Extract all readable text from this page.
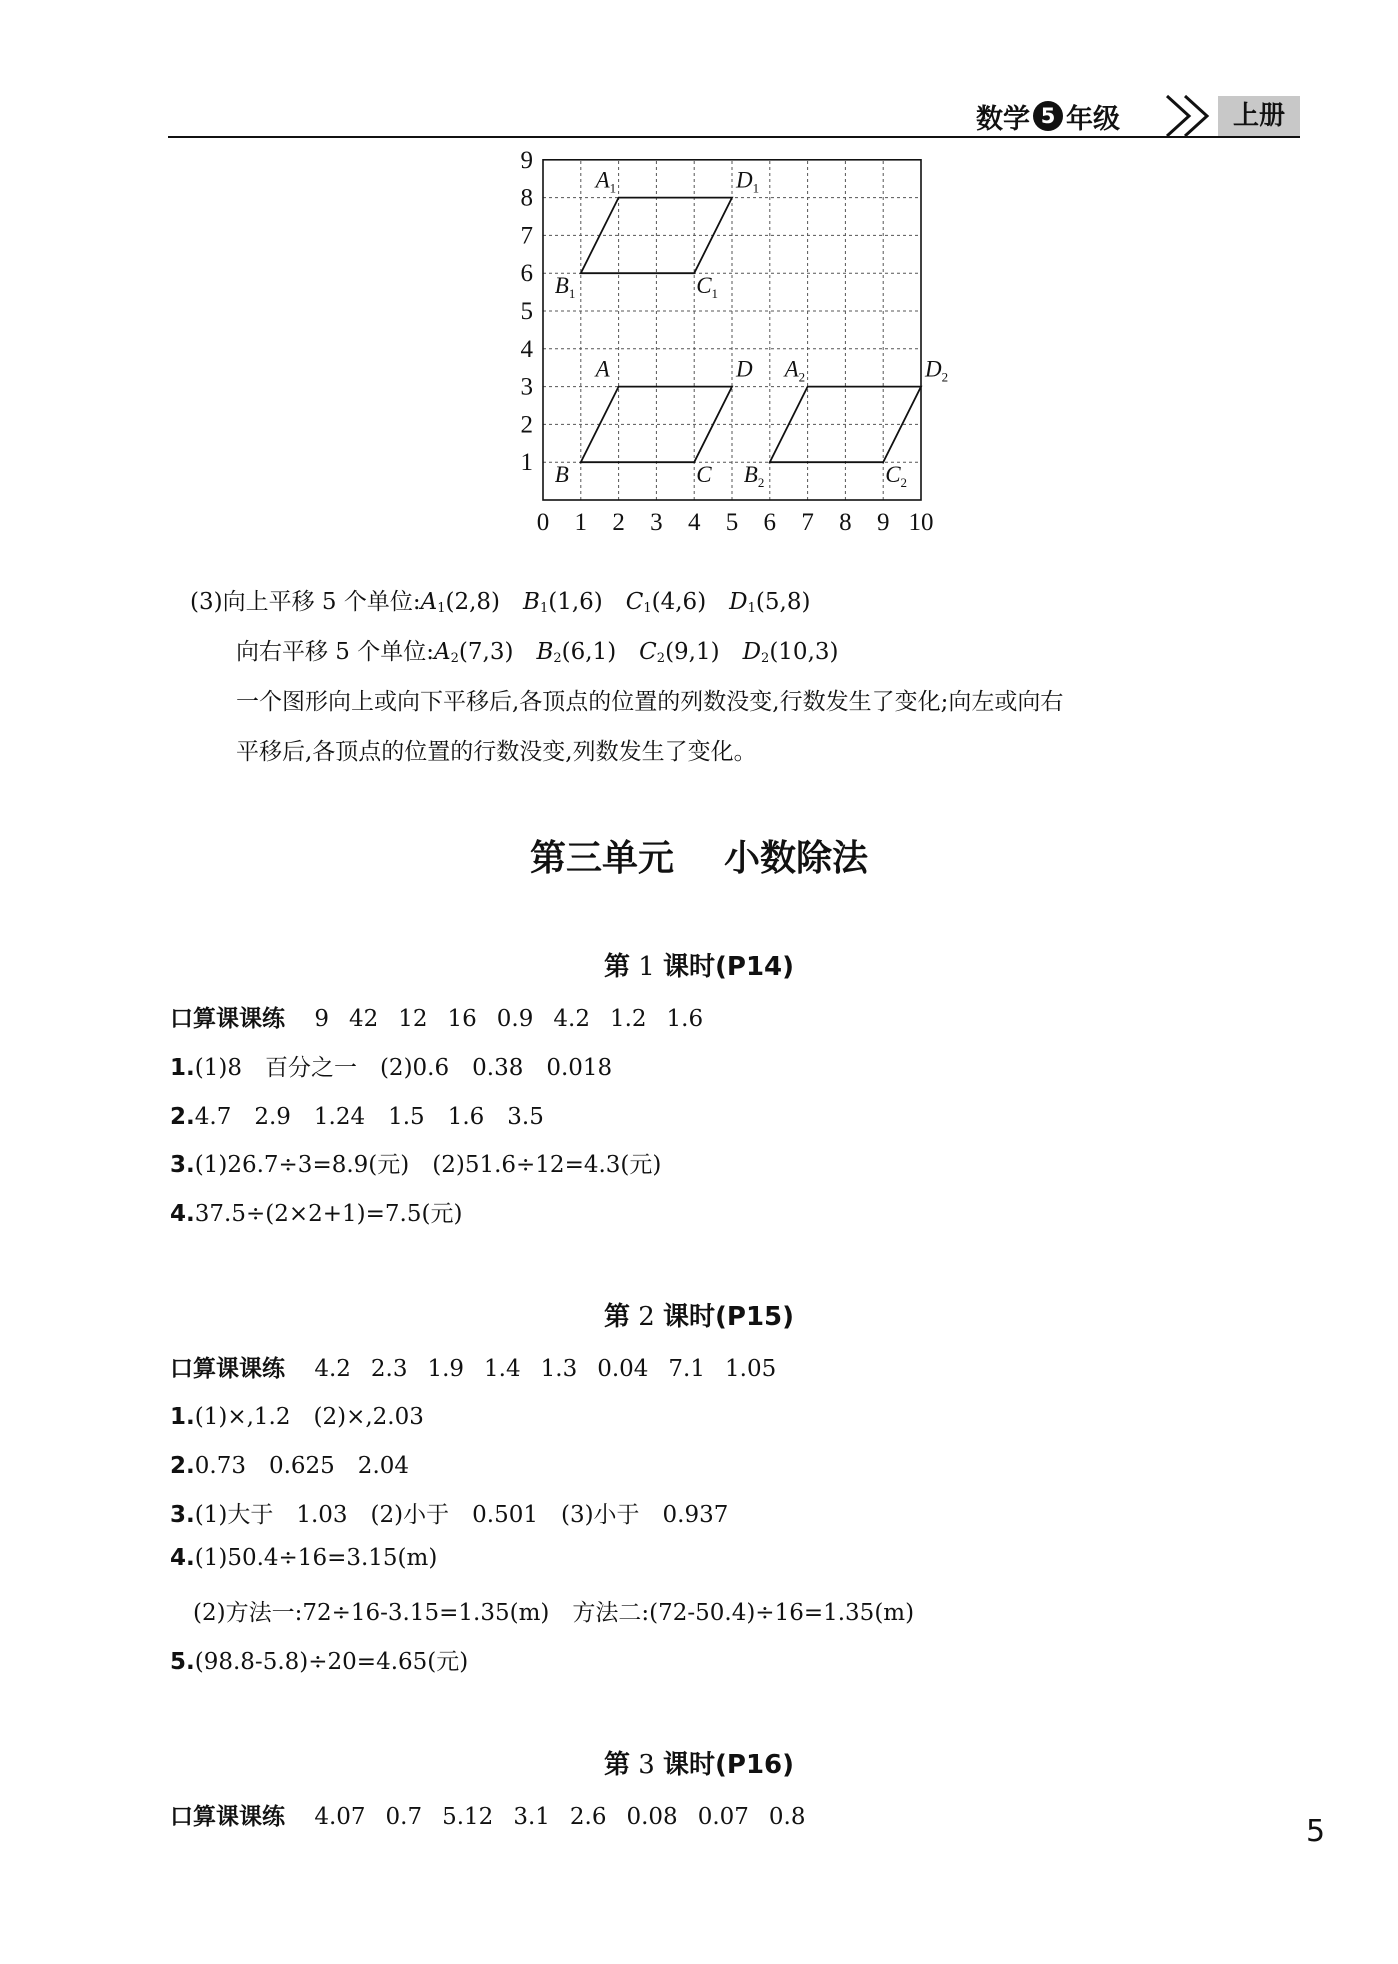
数学 5 年级	上册
0 1 2 3 4 5 6 7 8 9 10
1
2
3
4
5
6
7
8
9
A
B	C
D
$A_1$
$B_1$	$C_1$
$D_1$
$A_2$
$B_2$	$C_2$
$D_2$
(3)向上平移 5 个单位:A1(2,8)　 B1(1,6)　 C1(4,6)　 D1(5,8)
向右平移 5 个单位:A2(7,3)　 B2(6,1)　 C2(9,1)　 D2(10,3)
一个图形向上或向下平移后,各顶点的位置的列数没变,行数发生了变化;向左或向右
平移后,各顶点的位置的行数没变,列数发生了变化。
第三单元 小数除法
第 1 课时(P14)
口算课课练 9 42 12 16 0.9 4.2 1.2 1.6
1.(1)8　百分之一　(2)0.6　0.38　0.018
2.4.7　2.9　1.24　1.5　1.6　3.5
3.(1)26.7÷3=8.9(元)　(2)51.6÷12=4.3(元)
4.37.5÷(2×2+1)=7.5(元)
第 2 课时(P15)
口算课课练 4.2 2.3 1.9 1.4 1.3 0.04 7.1 1.05
1.(1)×,1.2　(2)×,2.03
2.0.73　0.625　2.04
3.(1)大于　1.03　(2)小于　0.501　(3)小于　0.937
4.(1)50.4÷16=3.15(m)
　(2)方法一:72÷16-3.15=1.35(m)　方法二:(72-50.4)÷16=1.35(m)
5.(98.8-5.8)÷20=4.65(元)
第 3 课时(P16)
口算课课练 4.07 0.7 5.12 3.1 2.6 0.08 0.07 0.8	5
